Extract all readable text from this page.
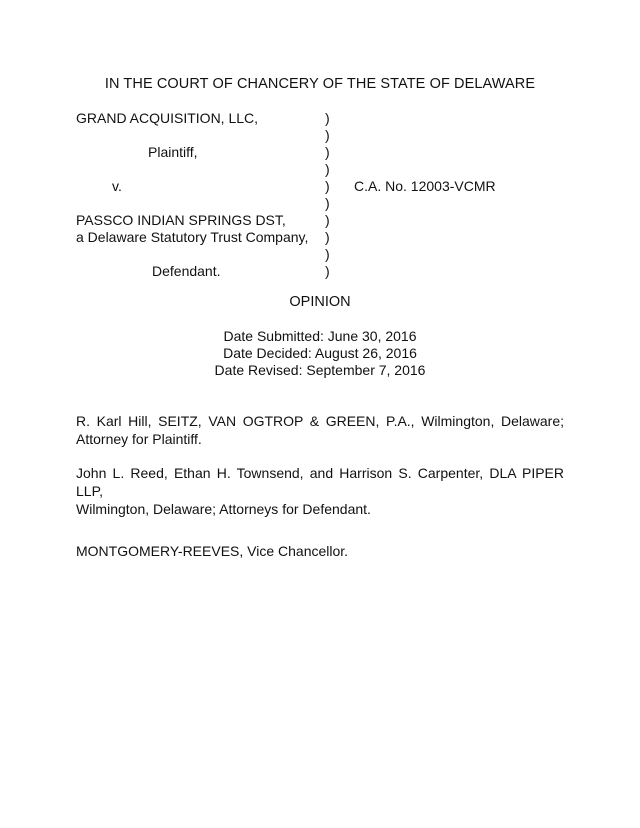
IN THE COURT OF CHANCERY OF THE STATE OF DELAWARE
GRAND ACQUISITION, LLC,
Plaintiff,
v.
PASSCO INDIAN SPRINGS DST,
a Delaware Statutory Trust Company,
Defendant.
)
)
)
)
)
)
)
)
)
)
C.A. No. 12003-VCMR
OPINION
Date Submitted: June 30, 2016
Date Decided: August 26, 2016
Date Revised: September 7, 2016
R. Karl Hill, SEITZ, VAN OGTROP & GREEN, P.A., Wilmington, Delaware;
Attorney for Plaintiff.
John L. Reed, Ethan H. Townsend, and Harrison S. Carpenter, DLA PIPER LLP,
Wilmington, Delaware; Attorneys for Defendant.
MONTGOMERY-REEVES, Vice Chancellor.
